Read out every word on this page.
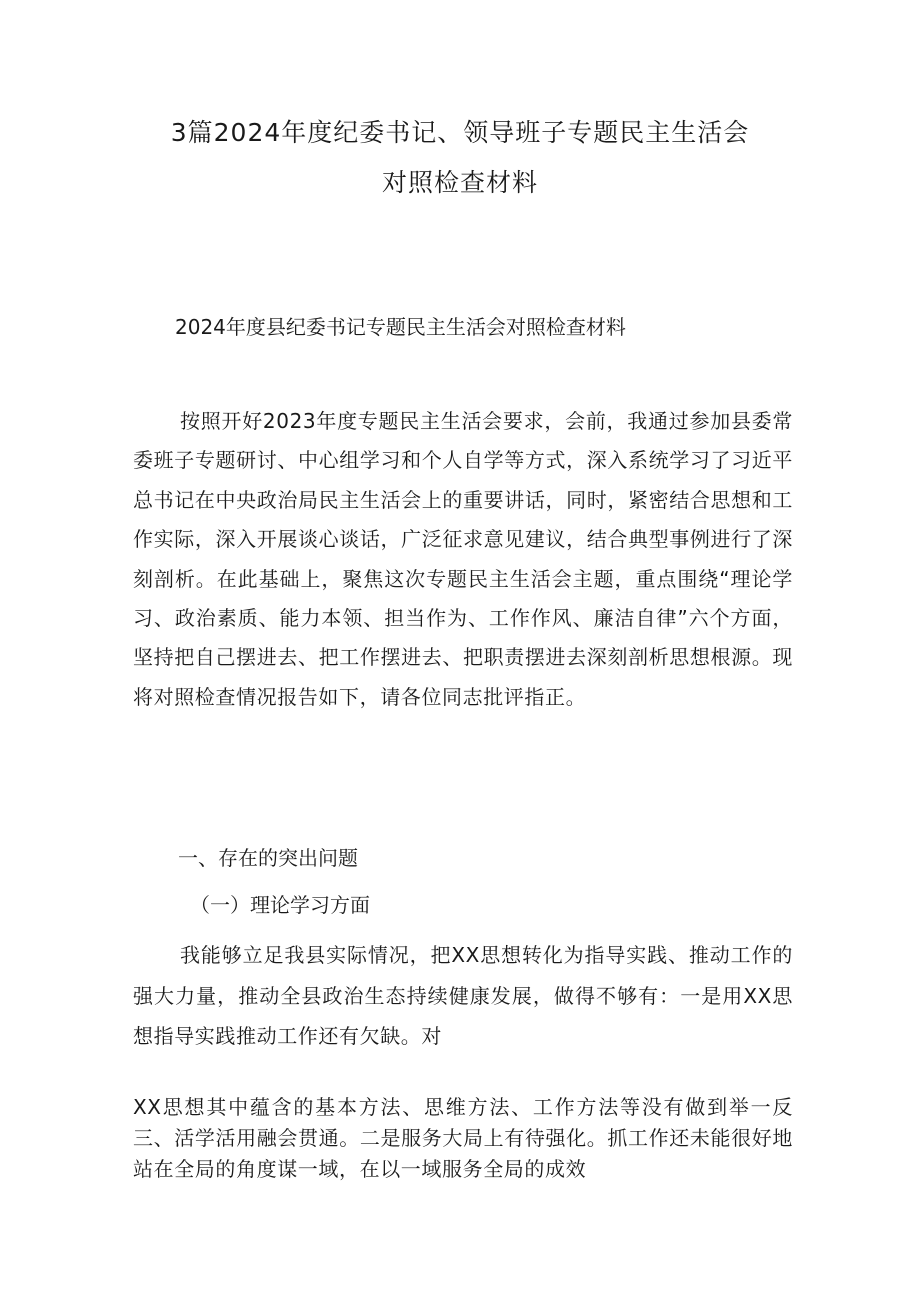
3篇2024年度纪委书记、领导班子专题民主生活会
对照检查材料
2024年度县纪委书记专题民主生活会对照检查材料

按照开好2023年度专题民主生活会要求，会前，我通过参加县委常委班子专题研讨、中心组学习和个人自学等方式，深入系统学习了习近平总书记在中央政治局民主生活会上的重要讲话，同时，紧密结合思想和工作实际，深入开展谈心谈话，广泛征求意见建议，结合典型事例进行了深刻剖析。在此基础上，聚焦这次专题民主生活会主题，重点围绕“理论学习、政治素质、能力本领、担当作为、工作作风、廉洁自律”六个方面，坚持把自己摆进去、把工作摆进去、把职责摆进去深刻剖析思想根源。现将对照检查情况报告如下，请各位同志批评指正。

一、存在的突出问题
（一）理论学习方面

我能够立足我县实际情况，把XX思想转化为指导实践、推动工作的强大力量，推动全县政治生态持续健康发展，做得不够有：一是用XX思想指导实践推动工作还有欠缺。对

XX思想其中蕴含的基本方法、思维方法、工作方法等没有做到举一反三、活学活用融会贯通。二是服务大局上有待强化。抓工作还未能很好地站在全局的角度谋一域，在以一域服务全局的成效
